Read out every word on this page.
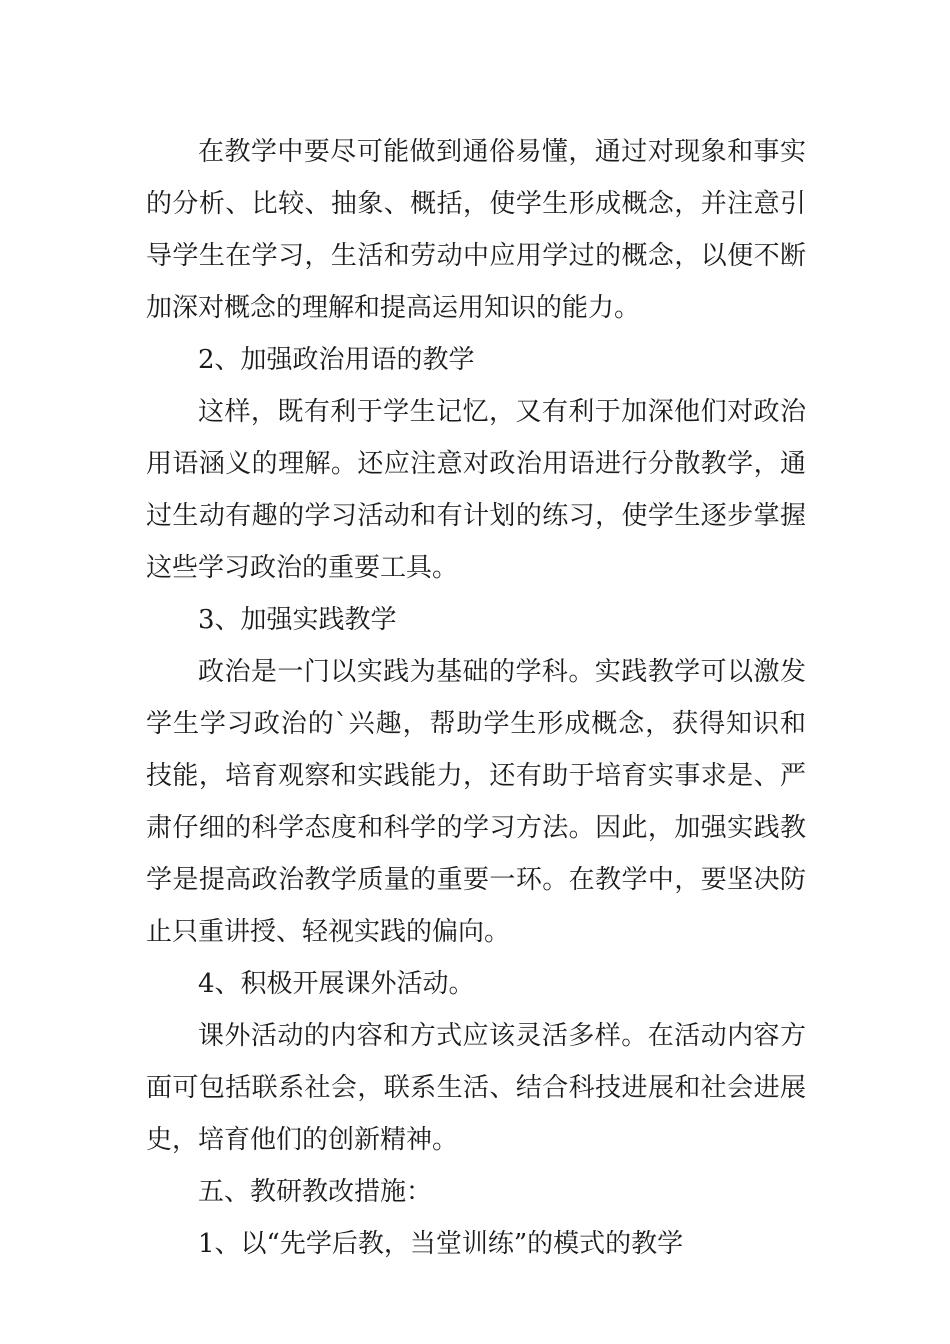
在教学中要尽可能做到通俗易懂，通过对现象和事实的分析、比较、抽象、概括，使学生形成概念，并注意引导学生在学习，生活和劳动中应用学过的概念，以便不断加深对概念的理解和提高运用知识的能力。

2、加强政治用语的教学

这样，既有利于学生记忆，又有利于加深他们对政治用语涵义的理解。还应注意对政治用语进行分散教学，通过生动有趣的学习活动和有计划的练习，使学生逐步掌握这些学习政治的重要工具。

3、加强实践教学

政治是一门以实践为基础的学科。实践教学可以激发学生学习政治的`兴趣，帮助学生形成概念，获得知识和技能，培育观察和实践能力，还有助于培育实事求是、严肃仔细的科学态度和科学的学习方法。因此，加强实践教学是提高政治教学质量的重要一环。在教学中，要坚决防止只重讲授、轻视实践的偏向。

4、积极开展课外活动。

课外活动的内容和方式应该灵活多样。在活动内容方面可包括联系社会，联系生活、结合科技进展和社会进展史，培育他们的创新精神。

五、教研教改措施：

1、以“先学后教，当堂训练”的模式的教学
